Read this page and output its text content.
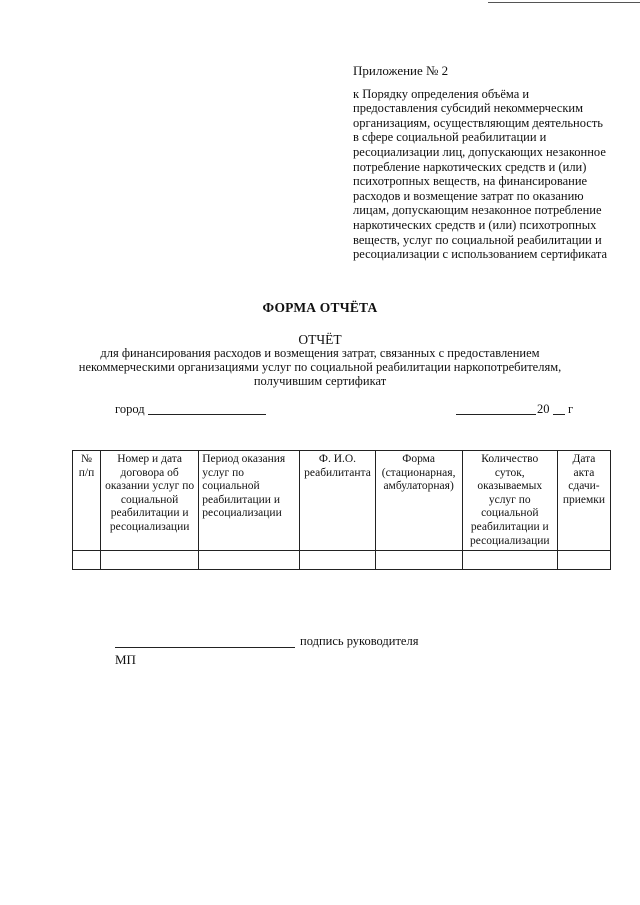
Приложение № 2
к Порядку определения объёма и
предоставления субсидий некоммерческим
организациям, осуществляющим деятельность
в сфере социальной реабилитации и
ресоциализации лиц, допускающих незаконное
потребление наркотических средств и (или)
психотропных веществ, на финансирование
расходов и возмещение затрат по оказанию
лицам, допускающим незаконное потребление
наркотических средств и (или) психотропных
веществ, услуг по социальной реабилитации и
ресоциализации с использованием сертификата
ФОРМА ОТЧЁТА
ОТЧЁТ
для финансирования расходов и возмещения затрат, связанных с предоставлением
некоммерческими организациями услуг по социальной реабилитации наркопотребителям,
получившим сертификат
город	20 г
№ п/п	Номер и дата договора об оказании услуг по социальной реабилитации и ресоциализации	Период оказания услуг по социальной реабилитации и ресоциализации	Ф. И.О. реабилитанта	Форма (стационарная, амбулаторная)	Количество суток, оказываемых услуг по социальной реабилитации и ресоциализации	Дата акта сдачи-приемки

подпись руководителя
МП
